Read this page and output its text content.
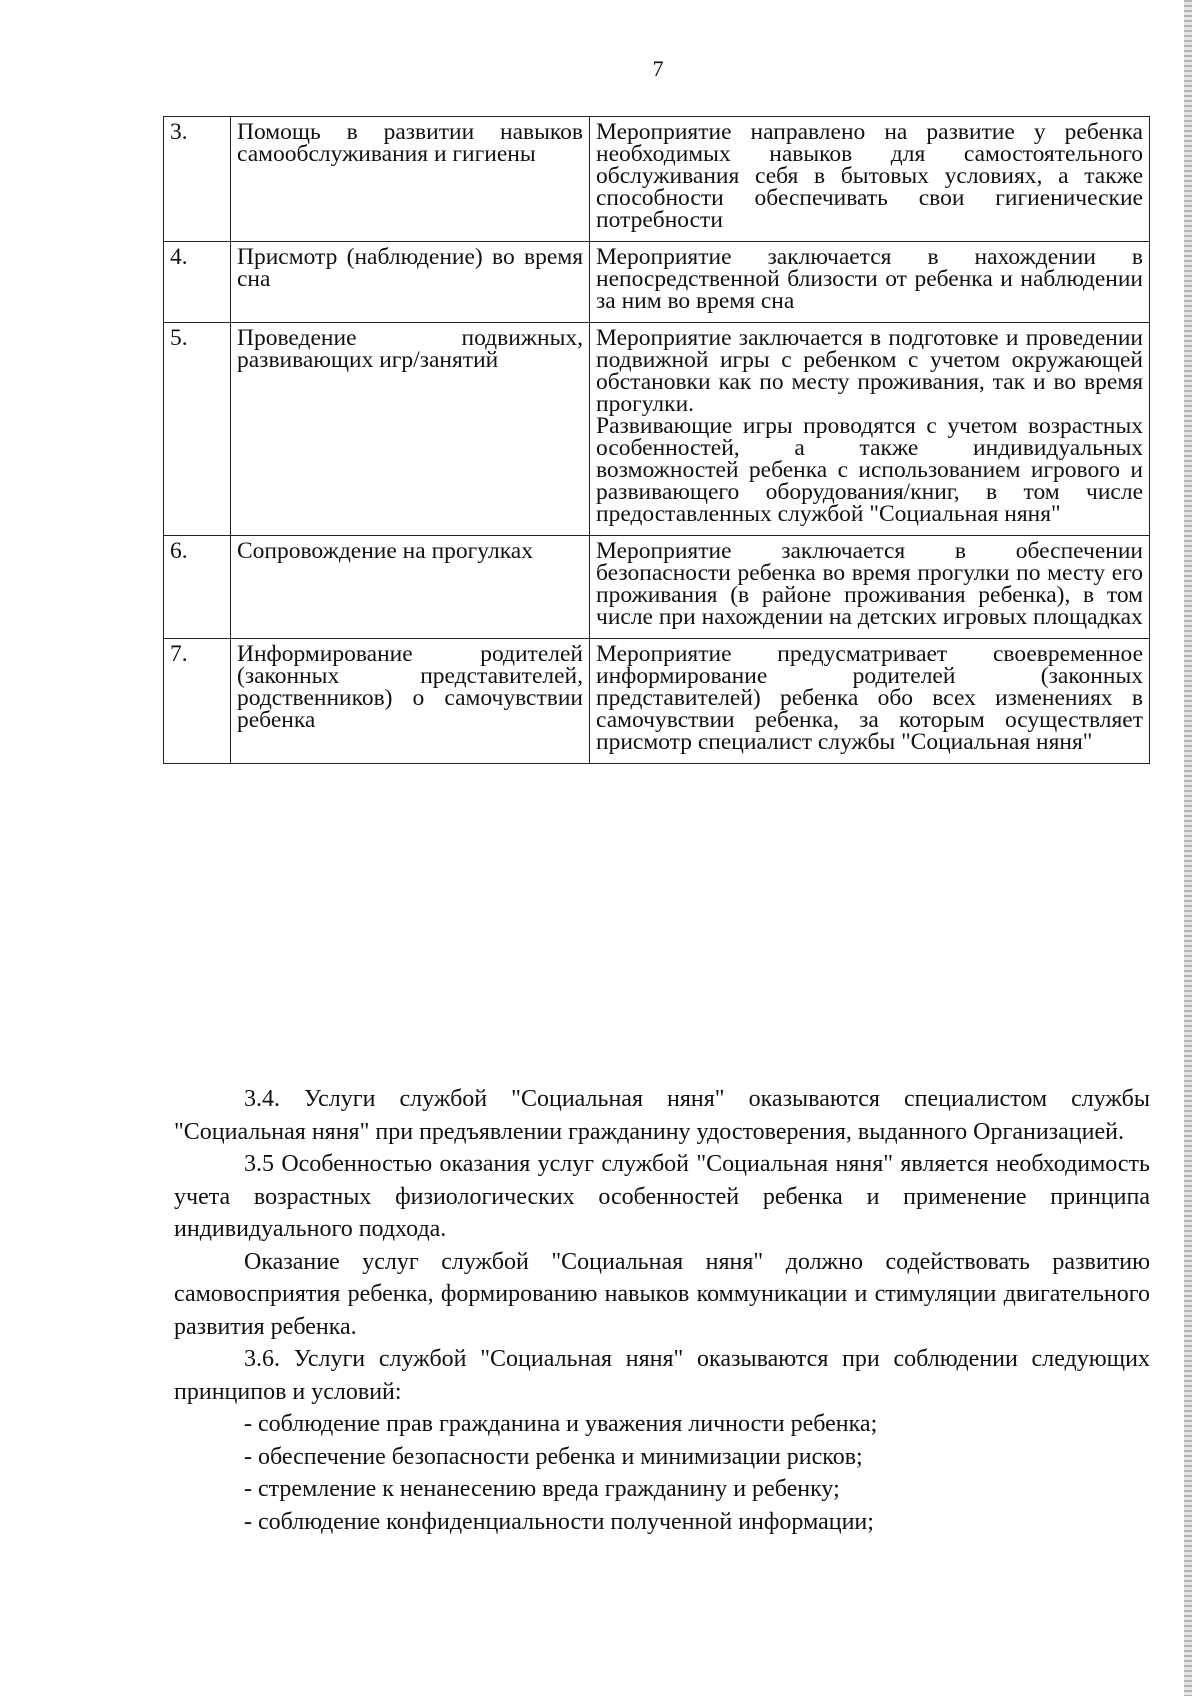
7
3.	Помощь в развитии навыков самообслуживания и гигиены	Мероприятие направлено на развитие у ребенка необходимых навыков для самостоятельного обслуживания себя в бытовых условиях, а также способности обеспечивать свои гигиенические потребности

4.	Присмотр (наблюдение) во время сна	Мероприятие заключается в нахождении в непосредственной близости от ребенка и наблюдении за ним во время сна

5.	Проведение подвижных, развивающих игр/занятий	Мероприятие заключается в подготовке и проведении подвижной игры с ребенком с учетом окружающей обстановки как по месту проживания, так и во время прогулки.

Развивающие игры проводятся с учетом возрастных особенностей, а также индивидуальных возможностей ребенка с использованием игрового и развивающего оборудования/книг, в том числе предоставленных службой "Социальная няня"

6.	Сопровождение на прогулках	Мероприятие заключается в обеспечении безопасности ребенка во время прогулки по месту его проживания (в районе проживания ребенка), в том числе при нахождении на детских игровых площадках

7.	Информирование родителей (законных представителей, родственников) о самочувствии ребенка	Мероприятие предусматривает своевременное информирование родителей (законных представителей) ребенка обо всех изменениях в самочувствии ребенка, за которым осуществляет присмотр специалист службы "Социальная няня"

3.4. Услуги службой "Социальная няня" оказываются специалистом службы "Социальная няня" при предъявлении гражданину удостоверения, выданного Организацией.

3.5 Особенностью оказания услуг службой "Социальная няня" является необходимость учета возрастных физиологических особенностей ребенка и применение принципа индивидуального подхода.

Оказание услуг службой "Социальная няня" должно содействовать развитию самовосприятия ребенка, формированию навыков коммуникации и стимуляции двигательного развития ребенка.

3.6. Услуги службой "Социальная няня" оказываются при соблюдении следующих принципов и условий:

- соблюдение прав гражданина и уважения личности ребенка;

- обеспечение безопасности ребенка и минимизации рисков;

- стремление к ненанесению вреда гражданину и ребенку;

- соблюдение конфиденциальности полученной информации;
